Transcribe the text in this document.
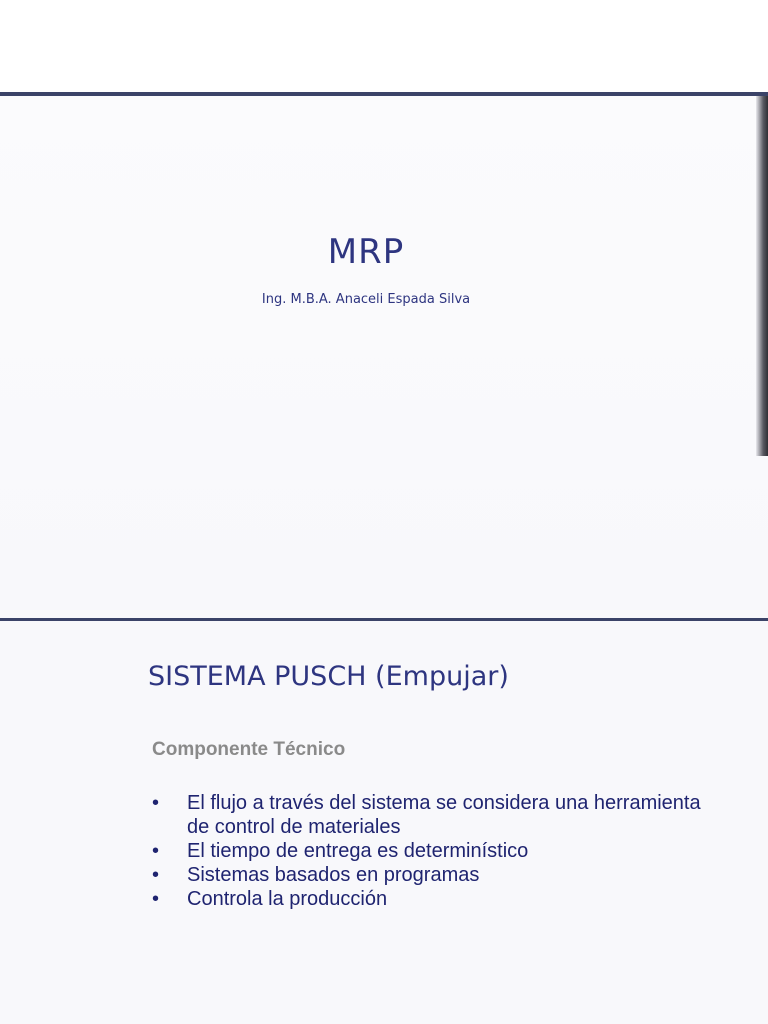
MRP
Ing. M.B.A. Anaceli Espada Silva
SISTEMA PUSCH (Empujar)
Componente Técnico
• El flujo a través del sistema se considera una herramienta de control de materiales
• El tiempo de entrega es determinístico
• Sistemas basados en programas
• Controla la producción
